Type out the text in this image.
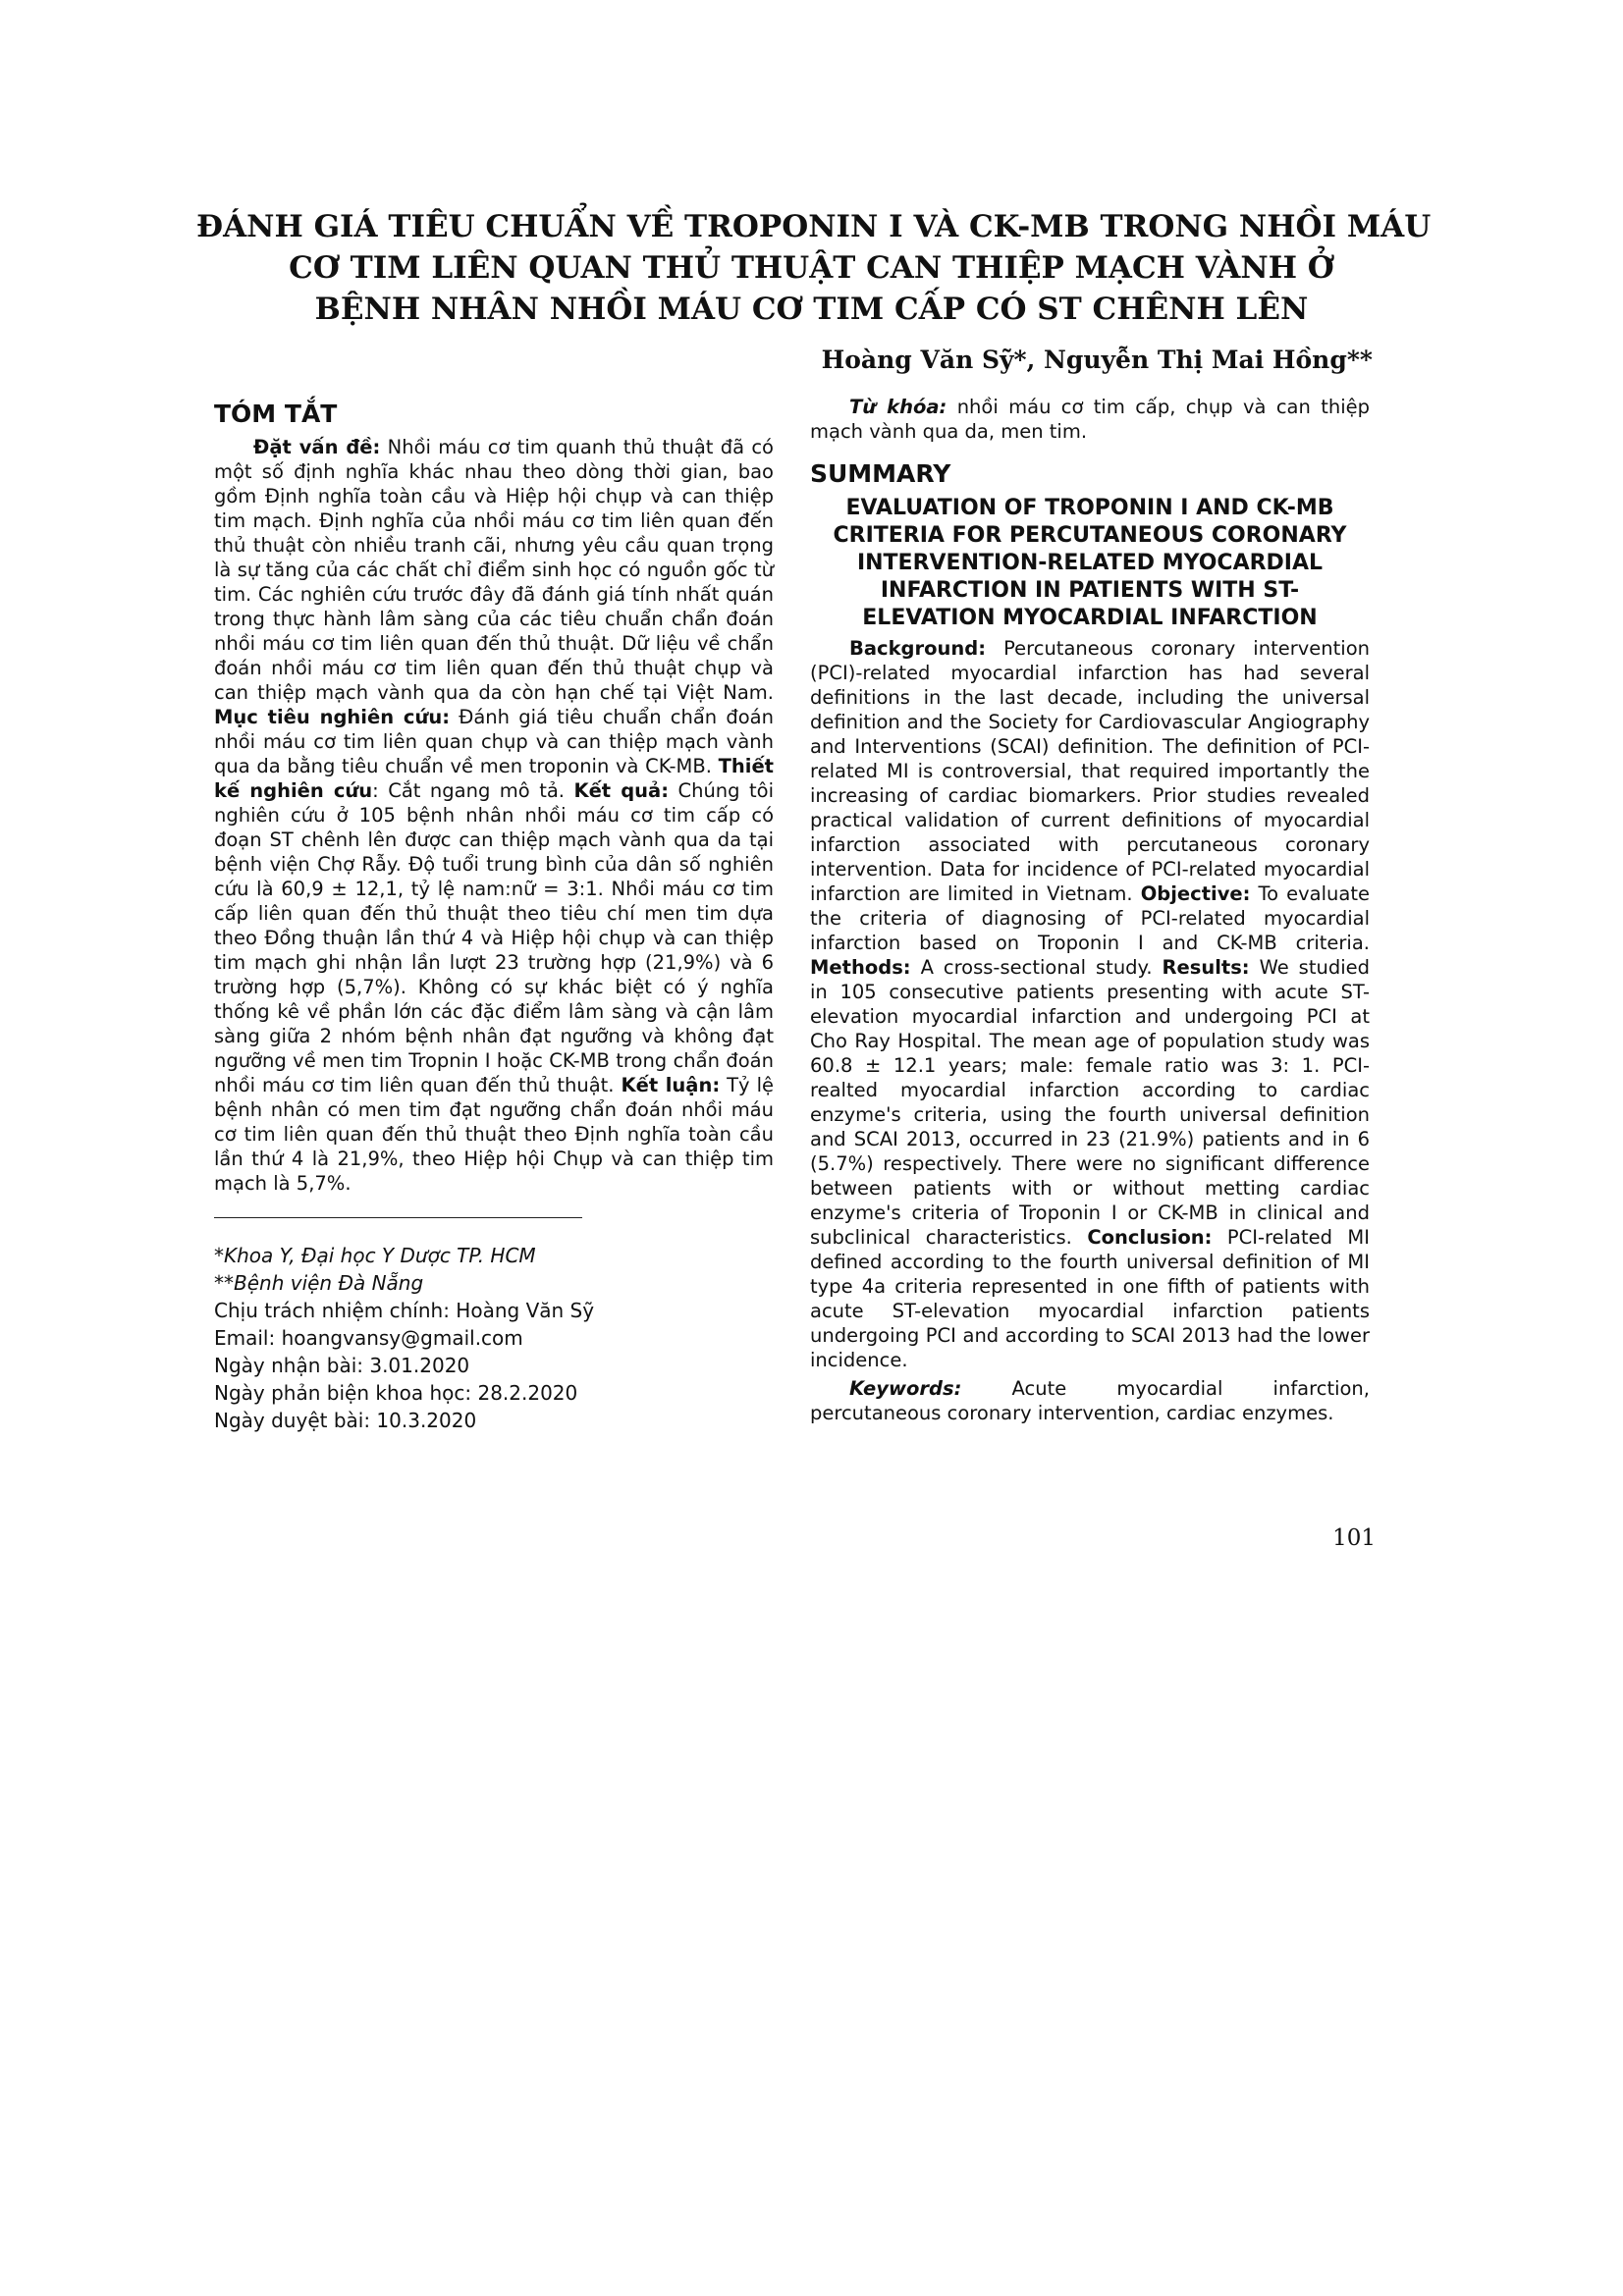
ĐÁNH GIÁ TIÊU CHUẨN VỀ TROPONIN I VÀ CK-MB TRONG NHỒI MÁU
CƠ TIM LIÊN QUAN THỦ THUẬT CAN THIỆP MẠCH VÀNH Ở
BỆNH NHÂN NHỒI MÁU CƠ TIM CẤP CÓ ST CHÊNH LÊN
Hoàng Văn Sỹ*, Nguyễn Thị Mai Hồng**
TÓM TẮT

Đặt vấn đề: Nhồi máu cơ tim quanh thủ thuật đã có một số định nghĩa khác nhau theo dòng thời gian, bao gồm Định nghĩa toàn cầu và Hiệp hội chụp và can thiệp tim mạch. Định nghĩa của nhồi máu cơ tim liên quan đến thủ thuật còn nhiều tranh cãi, nhưng yêu cầu quan trọng là sự tăng của các chất chỉ điểm sinh học có nguồn gốc từ tim. Các nghiên cứu trước đây đã đánh giá tính nhất quán trong thực hành lâm sàng của các tiêu chuẩn chẩn đoán nhồi máu cơ tim liên quan đến thủ thuật. Dữ liệu về chẩn đoán nhồi máu cơ tim liên quan đến thủ thuật chụp và can thiệp mạch vành qua da còn hạn chế tại Việt Nam. Mục tiêu nghiên cứu: Đánh giá tiêu chuẩn chẩn đoán nhồi máu cơ tim liên quan chụp và can thiệp mạch vành qua da bằng tiêu chuẩn về men troponin và CK-MB. Thiết kế nghiên cứu: Cắt ngang mô tả. Kết quả: Chúng tôi nghiên cứu ở 105 bệnh nhân nhồi máu cơ tim cấp có đoạn ST chênh lên được can thiệp mạch vành qua da tại bệnh viện Chợ Rẫy. Độ tuổi trung bình của dân số nghiên cứu là 60,9 ± 12,1, tỷ lệ nam:nữ = 3:1. Nhồi máu cơ tim cấp liên quan đến thủ thuật theo tiêu chí men tim dựa theo Đồng thuận lần thứ 4 và Hiệp hội chụp và can thiệp tim mạch ghi nhận lần lượt 23 trường hợp (21,9%) và 6 trường hợp (5,7%). Không có sự khác biệt có ý nghĩa thống kê về phần lớn các đặc điểm lâm sàng và cận lâm sàng giữa 2 nhóm bệnh nhân đạt ngưỡng và không đạt ngưỡng về men tim Tropnin I hoặc CK-MB trong chẩn đoán nhồi máu cơ tim liên quan đến thủ thuật. Kết luận: Tỷ lệ bệnh nhân có men tim đạt ngưỡng chẩn đoán nhồi máu cơ tim liên quan đến thủ thuật theo Định nghĩa toàn cầu lần thứ 4 là 21,9%, theo Hiệp hội Chụp và can thiệp tim mạch là 5,7%.

*Khoa Y, Đại học Y Dược TP. HCM
**Bệnh viện Đà Nẵng
Chịu trách nhiệm chính: Hoàng Văn Sỹ
Email: hoangvansy@gmail.com
Ngày nhận bài: 3.01.2020
Ngày phản biện khoa học: 28.2.2020
Ngày duyệt bài: 10.3.2020

Từ khóa: nhồi máu cơ tim cấp, chụp và can thiệp mạch vành qua da, men tim.

SUMMARY
EVALUATION OF TROPONIN I AND CK-MB
CRITERIA FOR PERCUTANEOUS CORONARY
INTERVENTION-RELATED MYOCARDIAL
INFARCTION IN PATIENTS WITH ST-
ELEVATION MYOCARDIAL INFARCTION

Background: Percutaneous coronary intervention (PCI)-related myocardial infarction has had several definitions in the last decade, including the universal definition and the Society for Cardiovascular Angiography and Interventions (SCAI) definition. The definition of PCI-related MI is controversial, that required importantly the increasing of cardiac biomarkers. Prior studies revealed practical validation of current definitions of myocardial infarction associated with percutaneous coronary intervention. Data for incidence of PCI-related myocardial infarction are limited in Vietnam. Objective: To evaluate the criteria of diagnosing of PCI-related myocardial infarction based on Troponin I and CK-MB criteria. Methods: A cross-sectional study. Results: We studied in 105 consecutive patients presenting with acute ST-elevation myocardial infarction and undergoing PCI at Cho Ray Hospital. The mean age of population study was 60.8 ± 12.1 years; male: female ratio was 3: 1. PCI-realted myocardial infarction according to cardiac enzyme's criteria, using the fourth universal definition and SCAI 2013, occurred in 23 (21.9%) patients and in 6 (5.7%) respectively. There were no significant difference between patients with or without metting cardiac enzyme's criteria of Troponin I or CK-MB in clinical and subclinical characteristics. Conclusion: PCI-related MI defined according to the fourth universal definition of MI type 4a criteria represented in one fifth of patients with acute ST-elevation myocardial infarction patients undergoing PCI and according to SCAI 2013 had the lower incidence.

Keywords: Acute myocardial infarction, percutaneous coronary intervention, cardiac enzymes.

101
